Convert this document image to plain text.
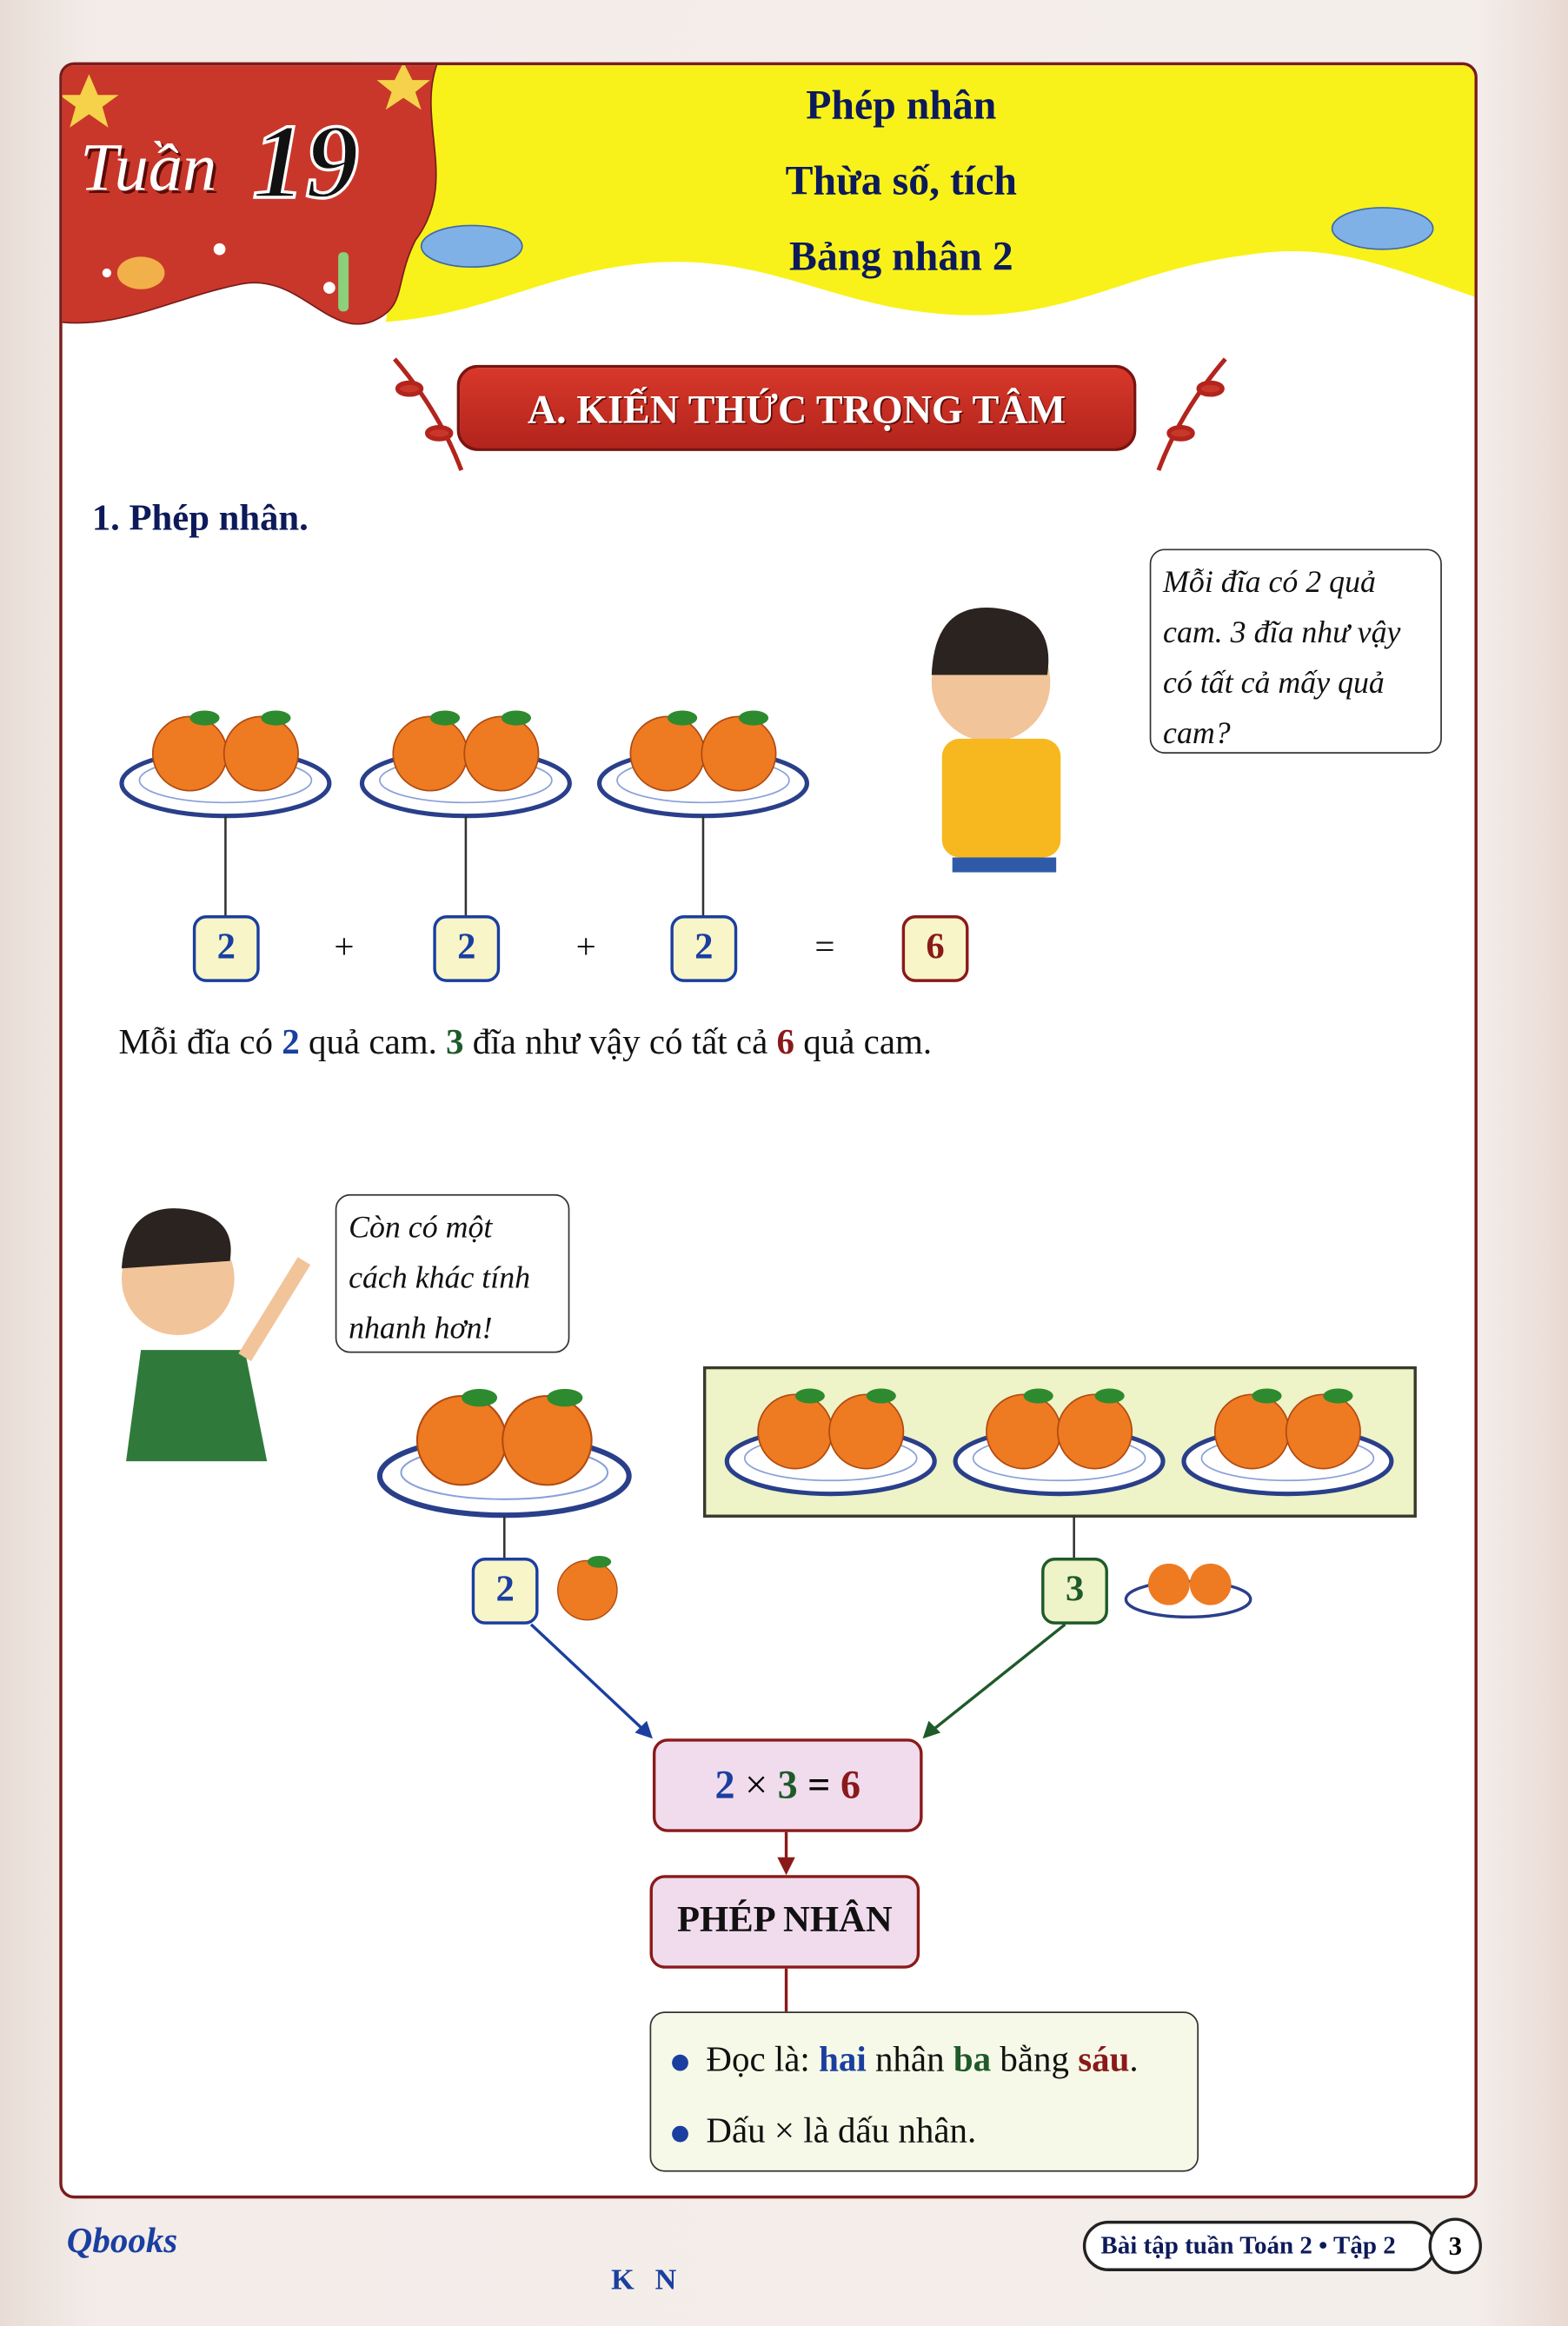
Tuần 19	Phép nhân
Thừa số, tích
Bảng nhân 2
A. KIẾN THỨC TRỌNG TÂM
1. Phép nhân.
Mỗi đĩa có 2 quả
cam. 3 đĩa như vậy
có tất cả mấy quả
cam?
2	+	2	+	2	=	6
Mỗi đĩa có 2 quả cam. 3 đĩa như vậy có tất cả 6 quả cam.
Còn có một
cách khác tính
nhanh hơn!
2	3
2 × 3 = 6
PHÉP NHÂN
Đọc là: hai nhân ba bằng sáu.
Dấu × là dấu nhân.
Qbooks
KN
Bài tập tuần Toán 2 • Tập 2	3
